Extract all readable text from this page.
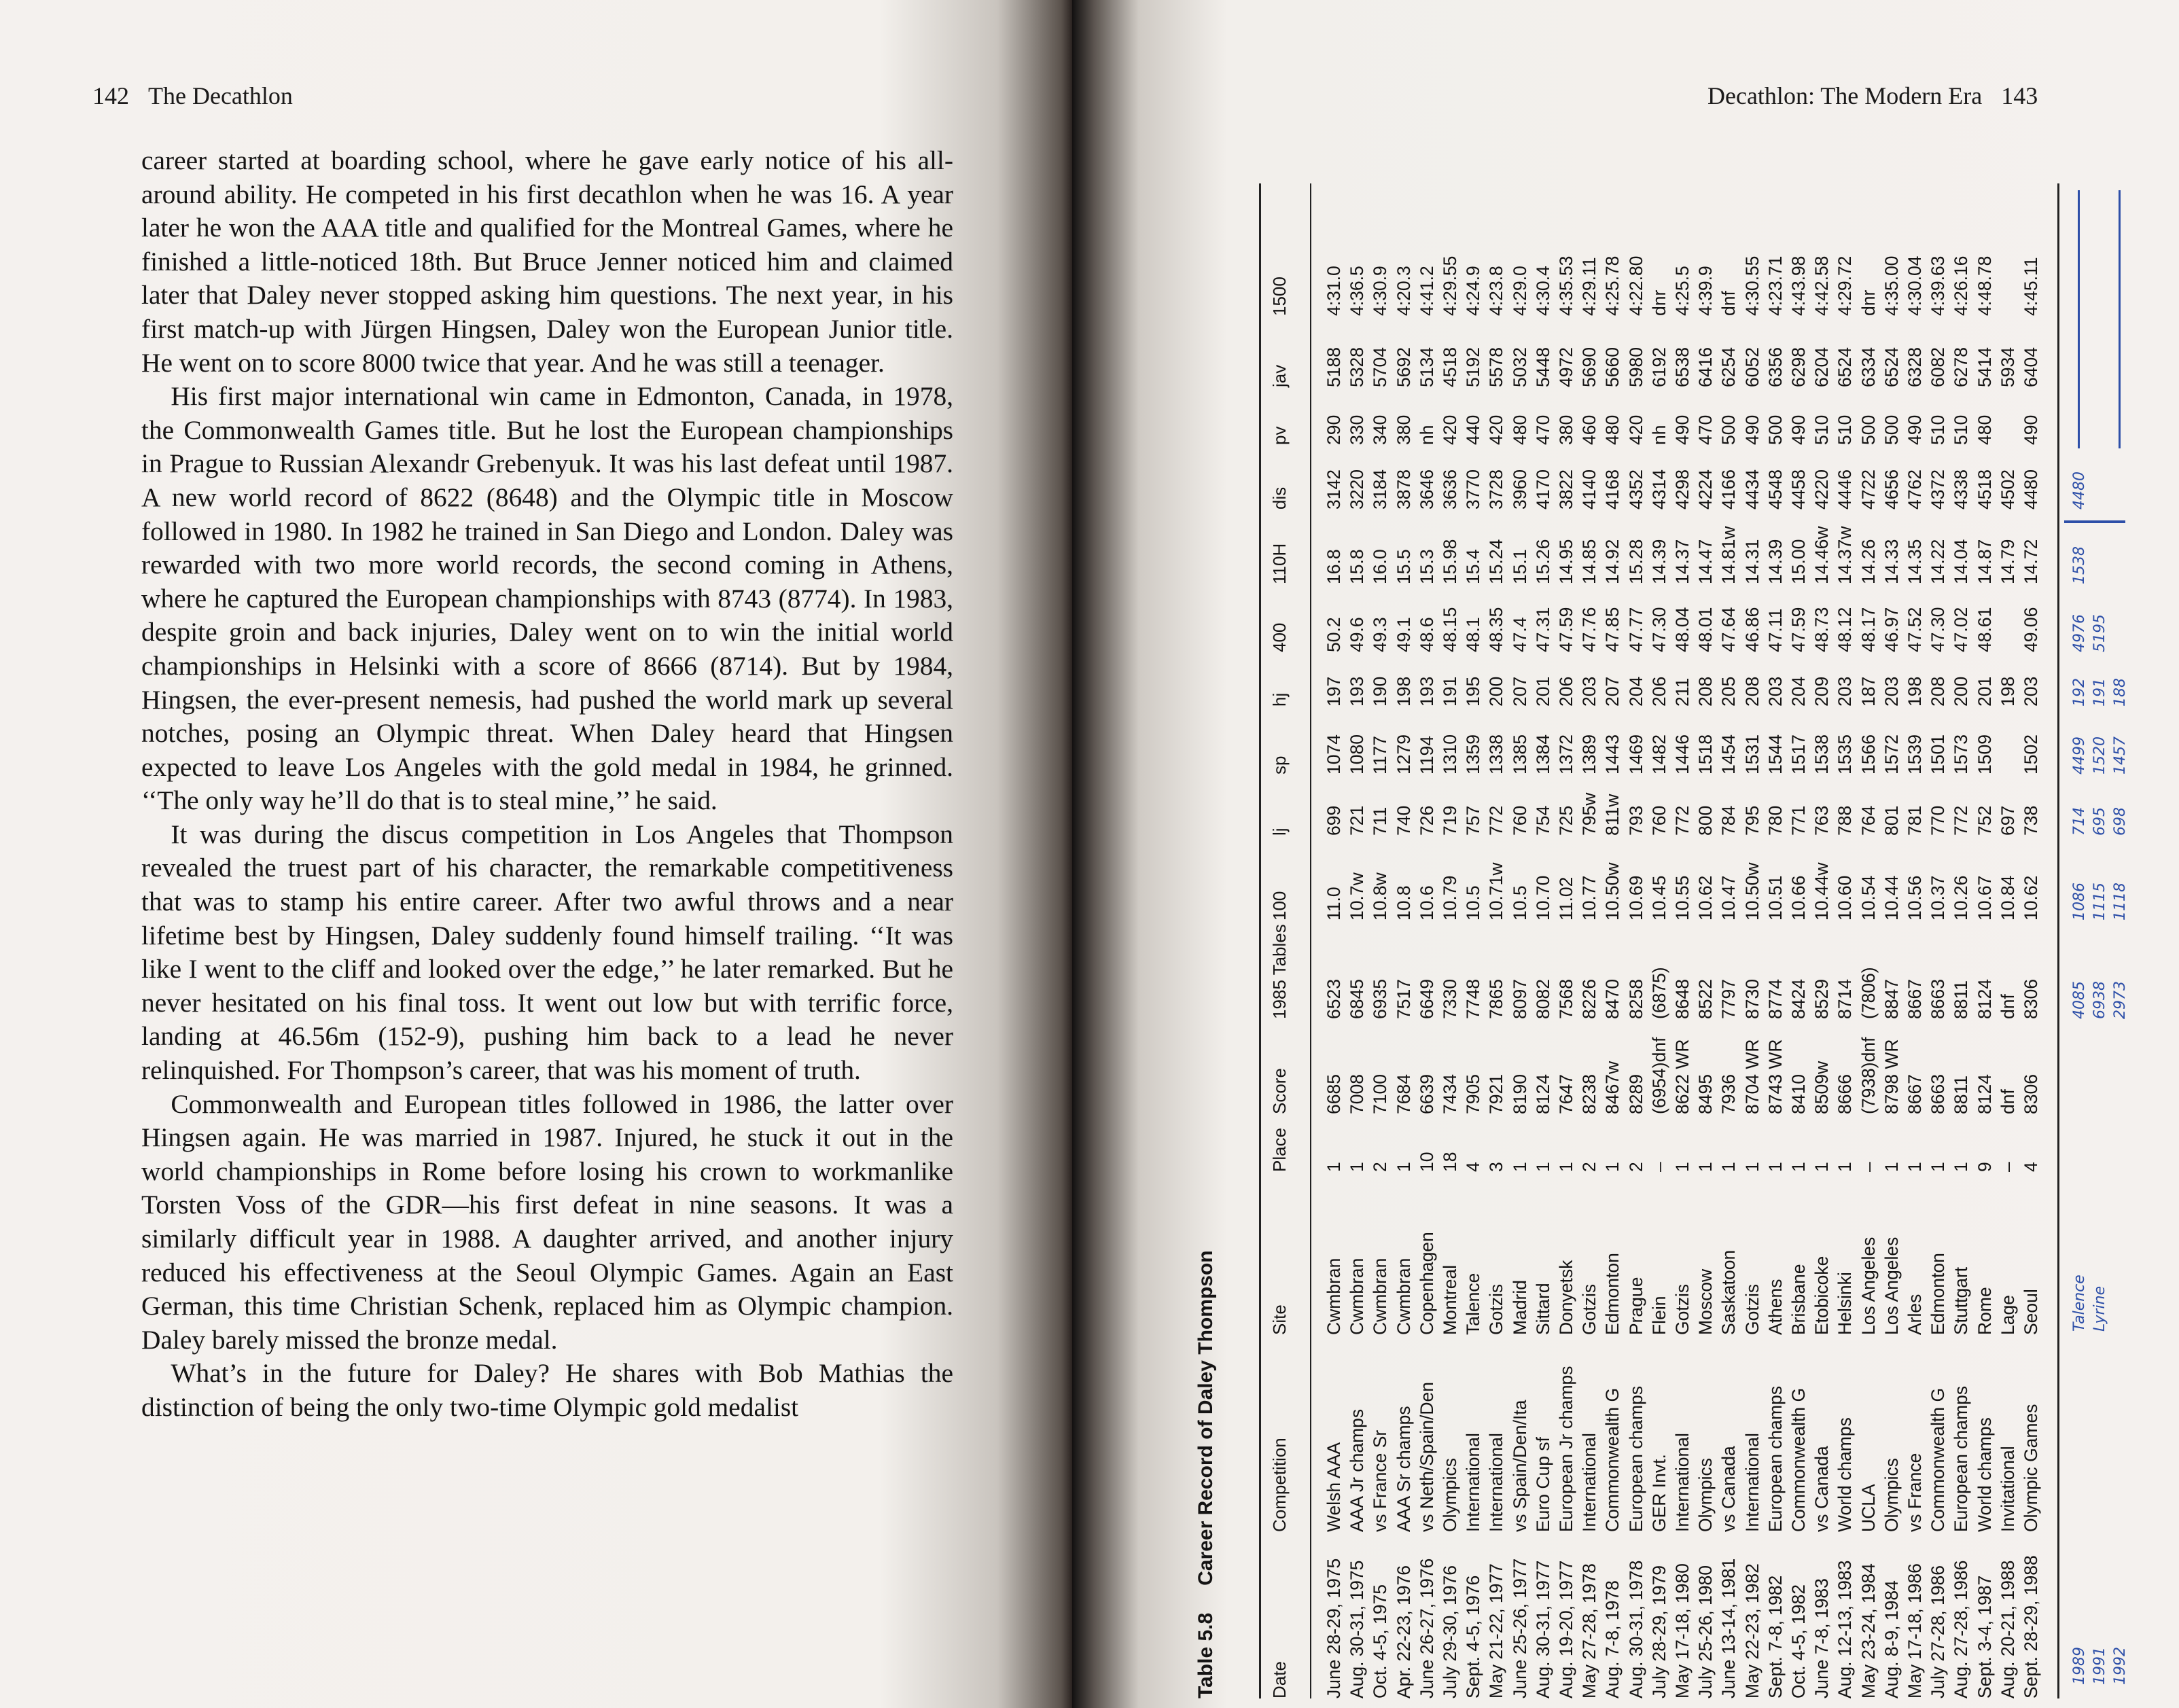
142 The Decathlon

career started at boarding school, where he gave early notice of his all-around ability. He competed in his first decathlon when he was 16. A year later he won the AAA title and qualified for the Montreal Games, where he finished a little-noticed 18th. But Bruce Jenner noticed him and claimed later that Daley never stopped asking him questions. The next year, in his first match-up with Jürgen Hingsen, Daley won the European Junior title. He went on to score 8000 twice that year. And he was still a teenager.

His first major international win came in Edmonton, Canada, in 1978, the Commonwealth Games title. But he lost the European championships in Prague to Russian Alexandr Grebenyuk. It was his last defeat until 1987. A new world record of 8622 (8648) and the Olympic title in Moscow followed in 1980. In 1982 he trained in San Diego and London. Daley was rewarded with two more world records, the second coming in Athens, where he captured the European championships with 8743 (8774). In 1983, despite groin and back injuries, Daley went on to win the initial world championships in Helsinki with a score of 8666 (8714). But by 1984, Hingsen, the ever-present nemesis, had pushed the world mark up several notches, posing an Olympic threat. When Daley heard that Hingsen expected to leave Los Angeles with the gold medal in 1984, he grinned. ‘‘The only way he’ll do that is to steal mine,’’ he said.

It was during the discus competition in Los Angeles that Thompson revealed the truest part of his character, the remarkable competitiveness that was to stamp his entire career. After two awful throws and a near lifetime best by Hingsen, Daley suddenly found himself trailing. ‘‘It was like I went to the cliff and looked over the edge,’’ he later remarked. But he never hesitated on his final toss. It went out low but with terrific force, landing at 46.56m (152-9), pushing him back to a lead he never relinquished. For Thompson’s career, that was his moment of truth.

Commonwealth and European titles followed in 1986, the latter over Hingsen again. He was married in 1987. Injured, he stuck it out in the world championships in Rome before losing his crown to workmanlike Torsten Voss of the GDR—his first defeat in nine seasons. It was a similarly difficult year in 1988. A daughter arrived, and another injury reduced his effectiveness at the Seoul Olympic Games. Again an East German, this time Christian Schenk, replaced him as Olympic champion. Daley barely missed the bronze medal.

What’s in the future for Daley? He shares with Bob Mathias the distinction of being the only two-time Olympic gold medalist

Decathlon: The Modern Era 143
Table 5.8Career Record of Daley Thompson
Date
Competition
Site
Place
Score
1985 Tables
100
lj
sp
hj
400
110H
dis
pv
jav
1500
June 28-29, 1975
Welsh AAA
Cwmbran
1
6685
6523
11.0
699
1074
197
50.2
16.8
3142
290
5188
4:31.0
Aug. 30-31, 1975
AAA Jr champs
Cwmbran
1
7008
6845
10.7w
721
1080
193
49.6
15.8
3220
330
5328
4:36.5
Oct. 4-5, 1975
vs France Sr
Cwmbran
2
7100
6935
10.8w
711
1177
190
49.3
16.0
3184
340
5704
4:30.9
Apr. 22-23, 1976
AAA Sr champs
Cwmbran
1
7684
7517
10.8
740
1279
198
49.1
15.5
3878
380
5692
4:20.3
June 26-27, 1976
vs Neth/Spain/Den
Copenhagen
10
6639
6649
10.6
726
1194
193
48.6
15.3
3646
nh
5134
4:41.2
July 29-30, 1976
Olympics
Montreal
18
7434
7330
10.79
719
1310
191
48.15
15.98
3636
420
4518
4:29.55
Sept. 4-5, 1976
International
Talence
4
7905
7748
10.5
757
1359
195
48.1
15.4
3770
440
5192
4:24.9
May 21-22, 1977
International
Gotzis
3
7921
7865
10.71w
772
1338
200
48.35
15.24
3728
420
5578
4:23.8
June 25-26, 1977
vs Spain/Den/Ita
Madrid
1
8190
8097
10.5
760
1385
207
47.4
15.1
3960
480
5032
4:29.0
Aug. 30-31, 1977
Euro Cup sf
Sittard
1
8124
8082
10.70
754
1384
201
47.31
15.26
4170
470
5448
4:30.4
Aug. 19-20, 1977
European Jr champs
Donyetsk
1
7647
7568
11.02
725
1372
206
47.59
14.95
3822
380
4972
4:35.53
May 27-28, 1978
International
Gotzis
2
8238
8226
10.77
795w
1389
203
47.76
14.85
4140
460
5690
4:29.11
Aug. 7-8, 1978
Commonwealth G
Edmonton
1
8467w
8470
10.50w
811w
1443
207
47.85
14.92
4168
480
5660
4:25.78
Aug. 30-31, 1978
European champs
Prague
2
8289
8258
10.69
793
1469
204
47.77
15.28
4352
420
5980
4:22.80
July 28-29, 1979
GER Invt.
Flein
–
(6954)dnf
(6875)
10.45
760
1482
206
47.30
14.39
4314
nh
6192
dnr
May 17-18, 1980
International
Gotzis
1
8622 WR
8648
10.55
772
1446
211
48.04
14.37
4298
490
6538
4:25.5
July 25-26, 1980
Olympics
Moscow
1
8495
8522
10.62
800
1518
208
48.01
14.47
4224
470
6416
4:39.9
June 13-14, 1981
vs Canada
Saskatoon
1
7936
7797
10.47
784
1454
205
47.64
14.81w
4166
500
6254
dnf
May 22-23, 1982
International
Gotzis
1
8704 WR
8730
10.50w
795
1531
208
46.86
14.31
4434
490
6052
4:30.55
Sept. 7-8, 1982
European champs
Athens
1
8743 WR
8774
10.51
780
1544
203
47.11
14.39
4548
500
6356
4:23.71
Oct. 4-5, 1982
Commonwealth G
Brisbane
1
8410
8424
10.66
771
1517
204
47.59
15.00
4458
490
6298
4:43.98
June 7-8, 1983
vs Canada
Etobicoke
1
8509w
8529
10.44w
763
1538
209
48.73
14.46w
4220
510
6204
4:42.58
Aug. 12-13, 1983
World champs
Helsinki
1
8666
8714
10.60
788
1535
203
48.12
14.37w
4446
510
6524
4:29.72
May 23-24, 1984
UCLA
Los Angeles
–
(7938)dnf
(7806)
10.54
764
1566
187
48.17
14.26
4722
500
6334
dnr
Aug. 8-9, 1984
Olympics
Los Angeles
1
8798 WR
8847
10.44
801
1572
203
46.97
14.33
4656
500
6524
4:35.00
May 17-18, 1986
vs France
Arles
1
8667
8667
10.56
781
1539
198
47.52
14.35
4762
490
6328
4:30.04
July 27-28, 1986
Commonwealth G
Edmonton
1
8663
8663
10.37
770
1501
208
47.30
14.22
4372
510
6082
4:39.63
Aug. 27-28, 1986
European champs
Stuttgart
1
8811
8811
10.26
772
1573
200
47.02
14.04
4338
510
6278
4:26.16
Sept. 3-4, 1987
World champs
Rome
9
8124
8124
10.67
752
1509
201
48.61
14.87
4518
480
5414
4:48.78
Aug. 20-21, 1988
Invitational
Lage
–
dnf
dnf
10.84
697
198
14.79
4502
5934
Sept. 28-29, 1988
Olympic Games
Seoul
4
8306
8306
10.62
738
1502
203
49.06
14.72
4480
490
6404
4:45.11
1989 1991 1992
Talence Lyrine
4085
1086
714
4499
192
4976
1538
4480
6938
1115
695
1520
191
5195
2973
1118
698
1457
188
